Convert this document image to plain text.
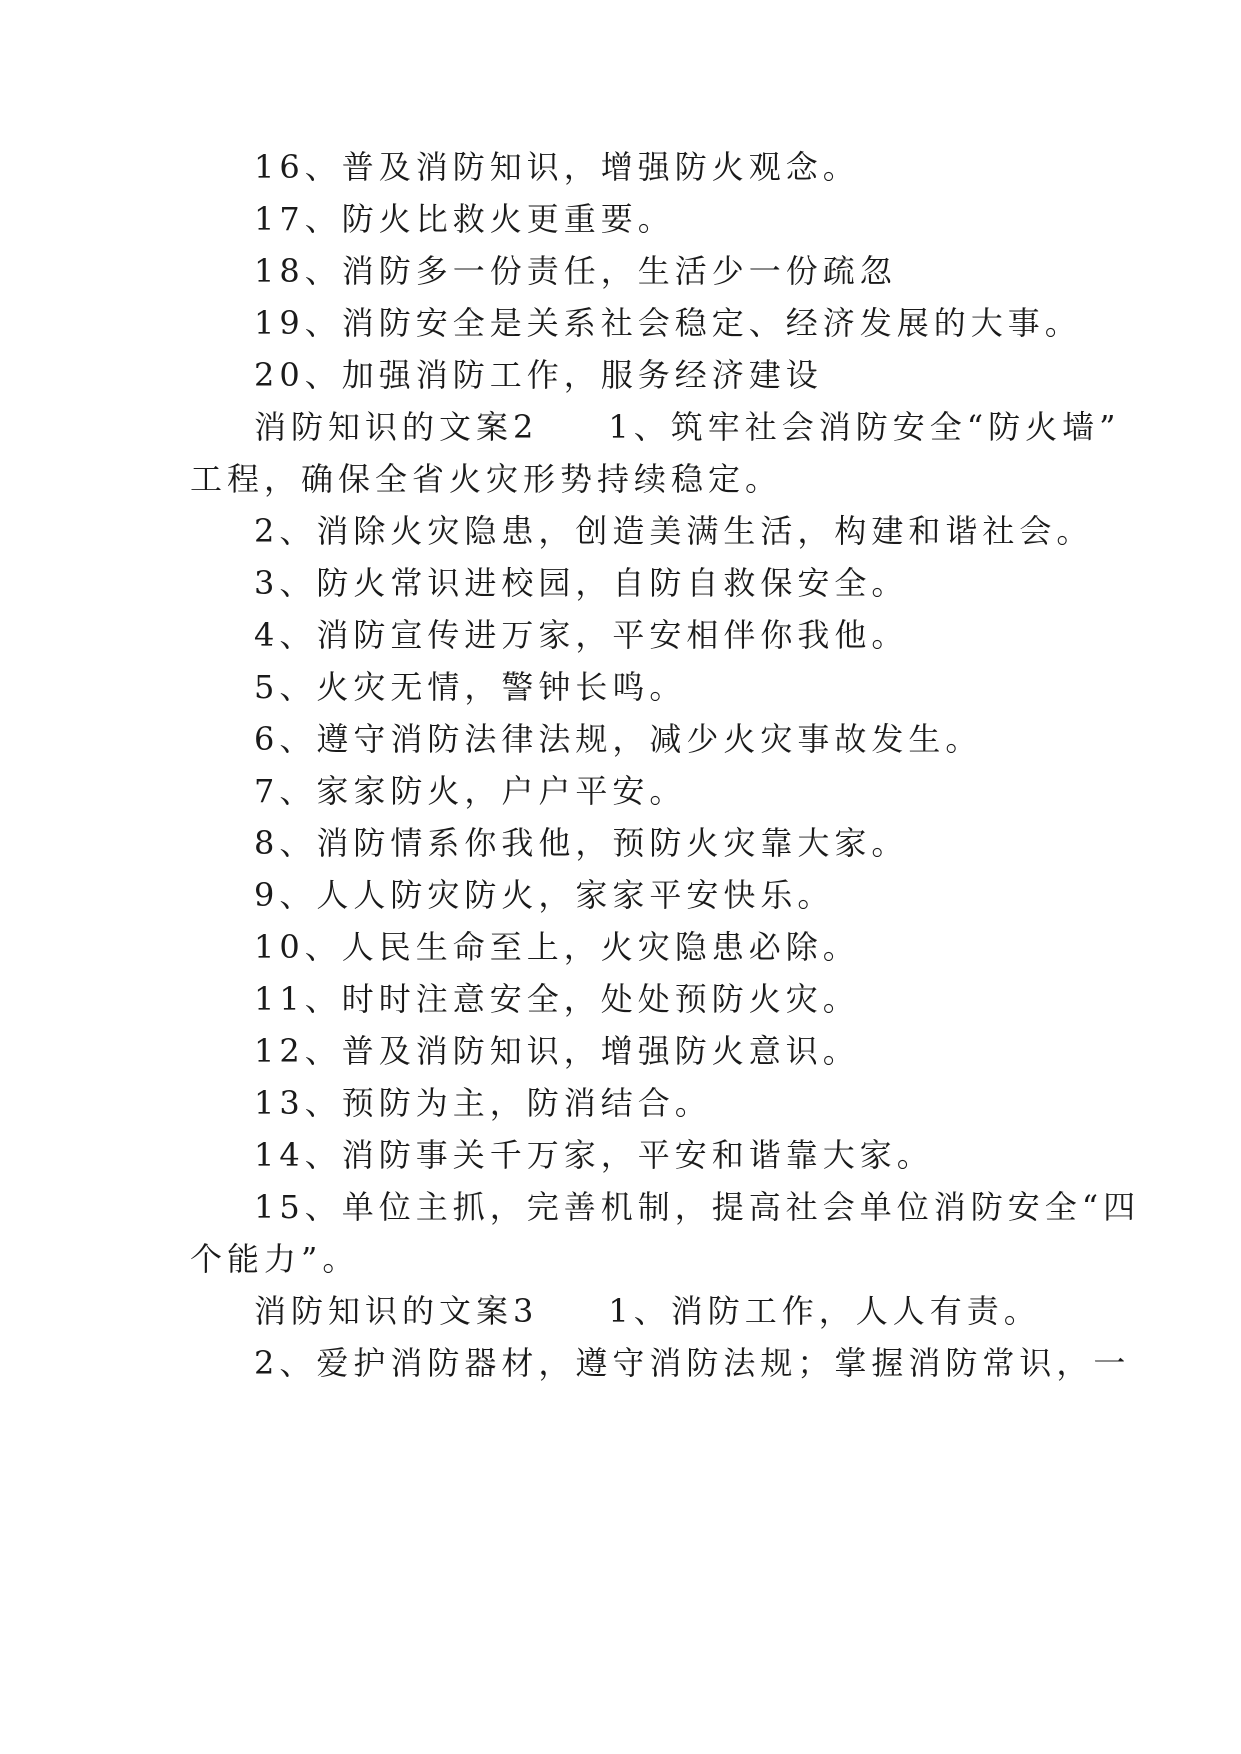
16、普及消防知识，增强防火观念。
17、防火比救火更重要。
18、消防多一份责任，生活少一份疏忽
19、消防安全是关系社会稳定、经济发展的大事。
20、加强消防工作，服务经济建设
消防知识的文案2 1、筑牢社会消防安全“防火墙”
工程，确保全省火灾形势持续稳定。
2、消除火灾隐患，创造美满生活，构建和谐社会。
3、防火常识进校园，自防自救保安全。
4、消防宣传进万家，平安相伴你我他。
5、火灾无情，警钟长鸣。
6、遵守消防法律法规，减少火灾事故发生。
7、家家防火，户户平安。
8、消防情系你我他，预防火灾靠大家。
9、人人防灾防火，家家平安快乐。
10、人民生命至上，火灾隐患必除。
11、时时注意安全，处处预防火灾。
12、普及消防知识，增强防火意识。
13、预防为主，防消结合。
14、消防事关千万家，平安和谐靠大家。
15、单位主抓，完善机制，提高社会单位消防安全“四
个能力”。
消防知识的文案3 1、消防工作，人人有责。
2、爱护消防器材，遵守消防法规；掌握消防常识，一
